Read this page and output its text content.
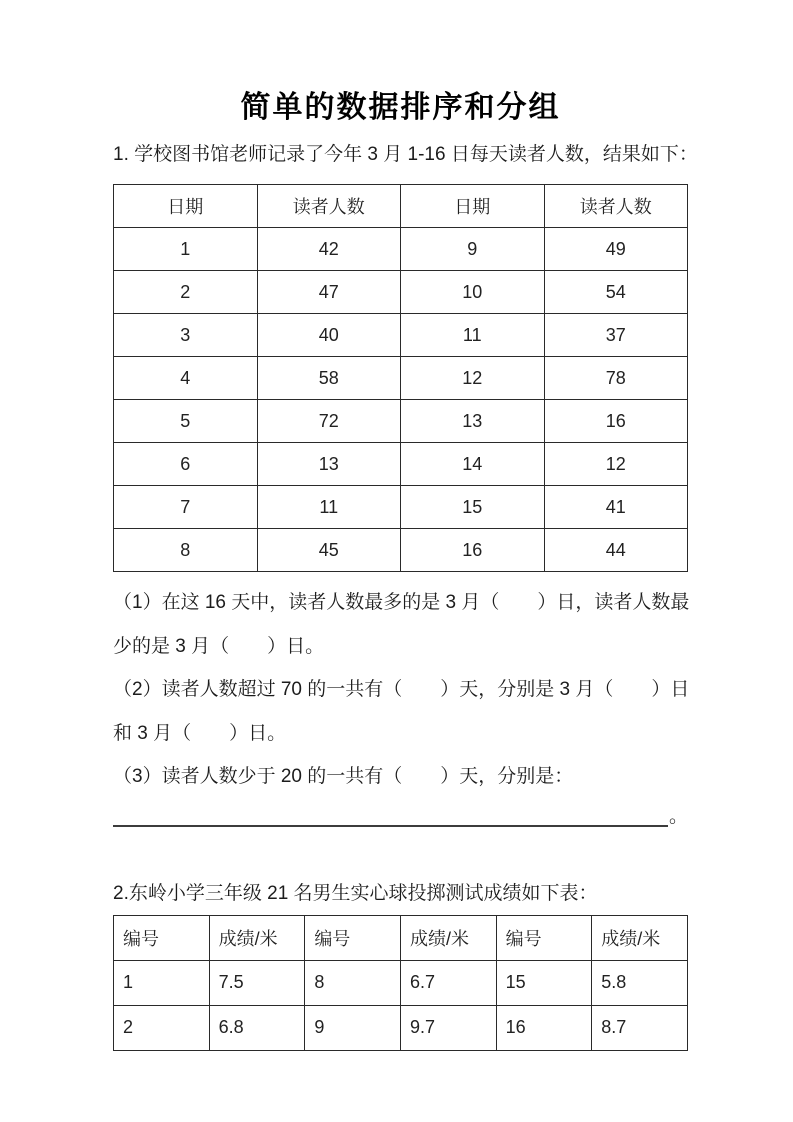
简单的数据排序和分组
1. 学校图书馆老师记录了今年 3 月 1-16 日每天读者人数，结果如下：
日期	读者人数	日期	读者人数
1	42	9	49
2	47	10	54
3	40	11	37
4	58	12	78
5	72	13	16
6	13	14	12
7	11	15	41
8	45	16	44
（1）在这 16 天中，读者人数最多的是 3 月（　　）日，读者人数最
少的是 3 月（　　）日。
（2）读者人数超过 70 的一共有（　　）天，分别是 3 月（　　）日
和 3 月（　　）日。
（3）读者人数少于 20 的一共有（　　）天，分别是：
。
2.东岭小学三年级 21 名男生实心球投掷测试成绩如下表：
编号	成绩/米	编号	成绩/米	编号	成绩/米
1	7.5	8	6.7	15	5.8
2	6.8	9	9.7	16	8.7
